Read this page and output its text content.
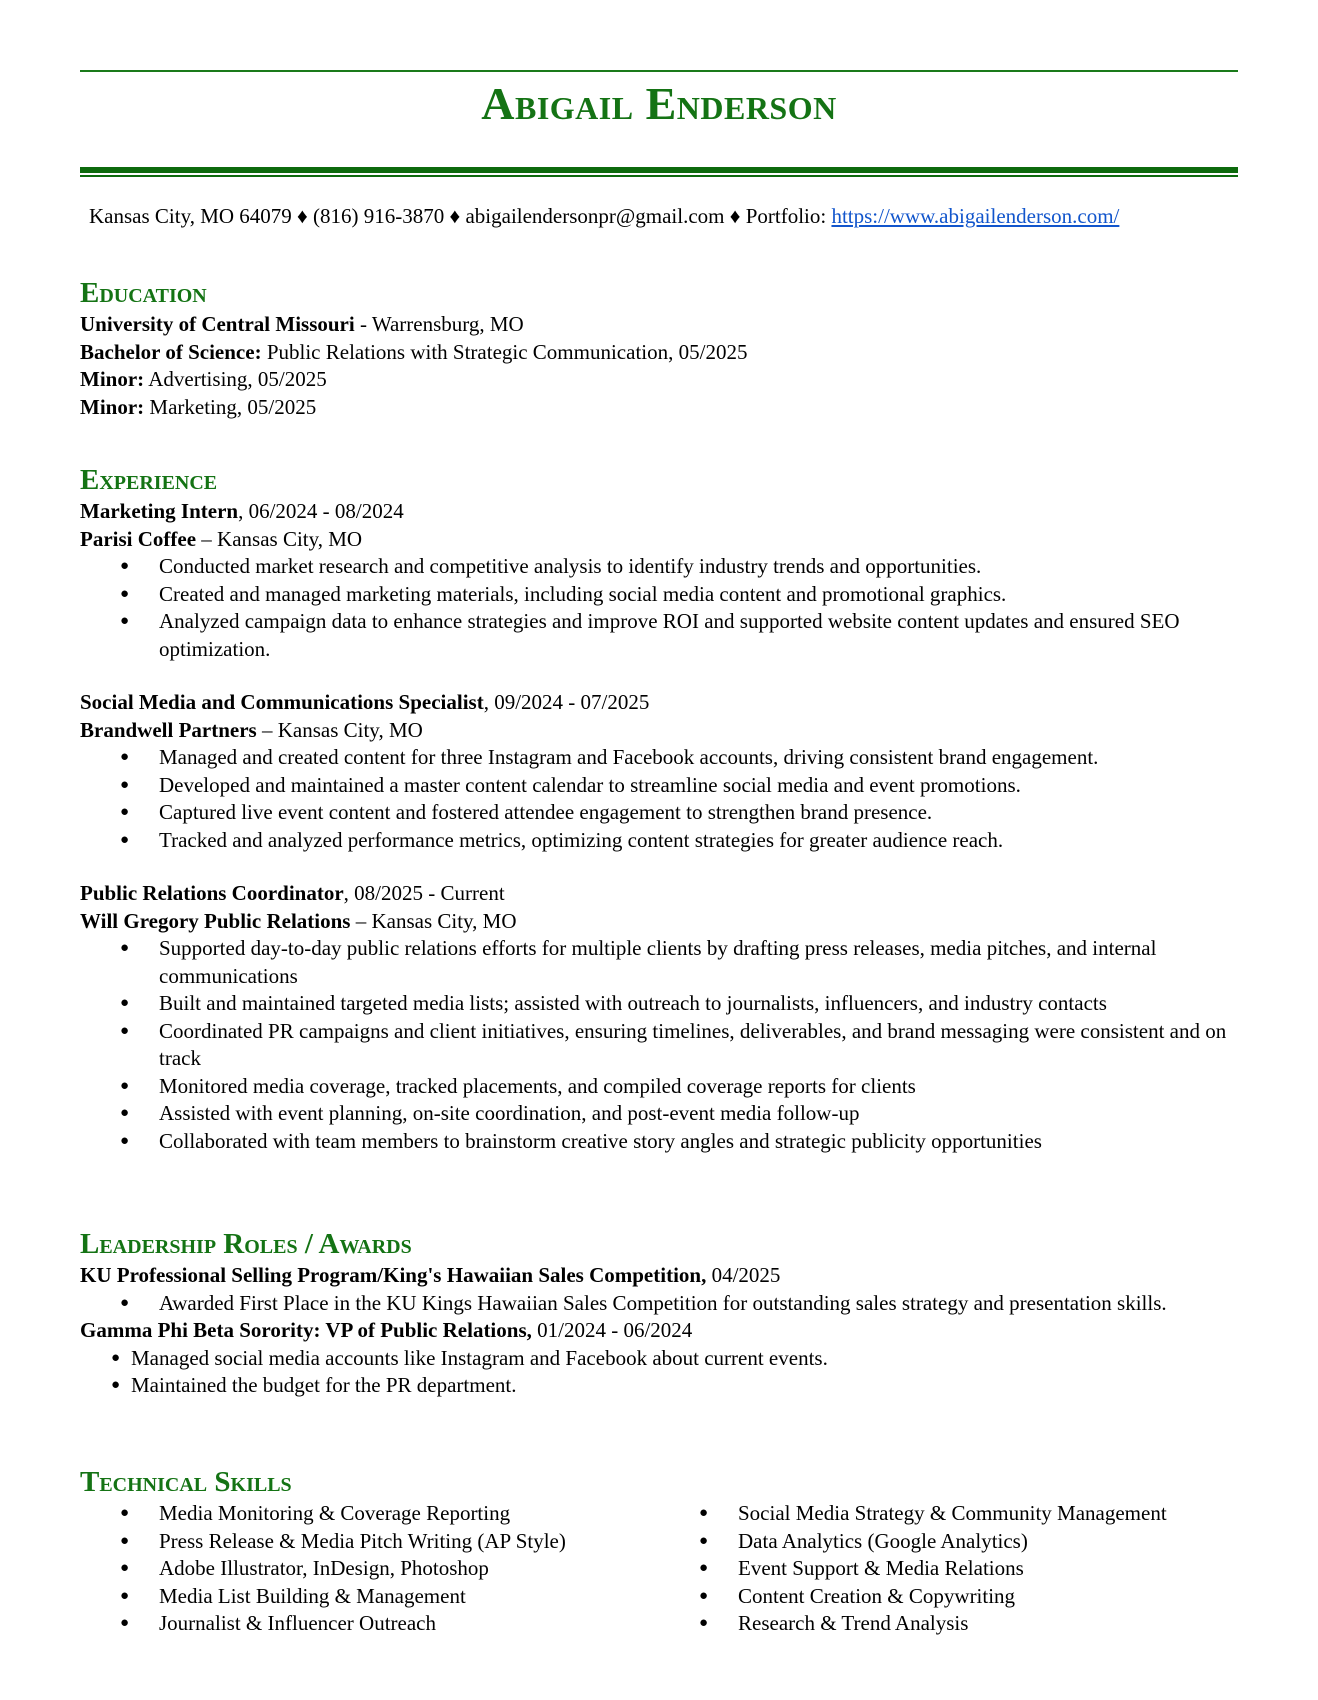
Abigail Enderson
Kansas City, MO 64079 ♦ (816) 916-3870 ♦ abigailendersonpr@gmail.com ♦ Portfolio: https://www.abigailenderson.com/
Education

University of Central Missouri - Warrensburg, MO

Bachelor of Science: Public Relations with Strategic Communication, 05/2025

Minor: Advertising, 05/2025

Minor: Marketing, 05/2025

Experience

Marketing Intern, 06/2024 - 08/2024

Parisi Coffee – Kansas City, MO

● Conducted market research and competitive analysis to identify industry trends and opportunities.
● Created and managed marketing materials, including social media content and promotional graphics.
● Analyzed campaign data to enhance strategies and improve ROI and supported website content updates and ensured SEO optimization.

Social Media and Communications Specialist, 09/2024 - 07/2025

Brandwell Partners – Kansas City, MO

● Managed and created content for three Instagram and Facebook accounts, driving consistent brand engagement.
● Developed and maintained a master content calendar to streamline social media and event promotions.
● Captured live event content and fostered attendee engagement to strengthen brand presence.
● Tracked and analyzed performance metrics, optimizing content strategies for greater audience reach.

Public Relations Coordinator, 08/2025 - Current

Will Gregory Public Relations – Kansas City, MO

● Supported day-to-day public relations efforts for multiple clients by drafting press releases, media pitches, and internal communications
● Built and maintained targeted media lists; assisted with outreach to journalists, influencers, and industry contacts
● Coordinated PR campaigns and client initiatives, ensuring timelines, deliverables, and brand messaging were consistent and on track
● Monitored media coverage, tracked placements, and compiled coverage reports for clients
● Assisted with event planning, on-site coordination, and post-event media follow-up
● Collaborated with team members to brainstorm creative story angles and strategic publicity opportunities
Leadership Roles / Awards

KU Professional Selling Program/King's Hawaiian Sales Competition, 04/2025

● Awarded First Place in the KU Kings Hawaiian Sales Competition for outstanding sales strategy and presentation skills.

Gamma Phi Beta Sorority: VP of Public Relations, 01/2024 - 06/2024

● Managed social media accounts like Instagram and Facebook about current events.
● Maintained the budget for the PR department.
Technical Skills
● Media Monitoring & Coverage Reporting
● Press Release & Media Pitch Writing (AP Style)
● Adobe Illustrator, InDesign, Photoshop
● Media List Building & Management
● Journalist & Influencer Outreach
● Social Media Strategy & Community Management
● Data Analytics (Google Analytics)
● Event Support & Media Relations
● Content Creation & Copywriting
● Research & Trend Analysis
